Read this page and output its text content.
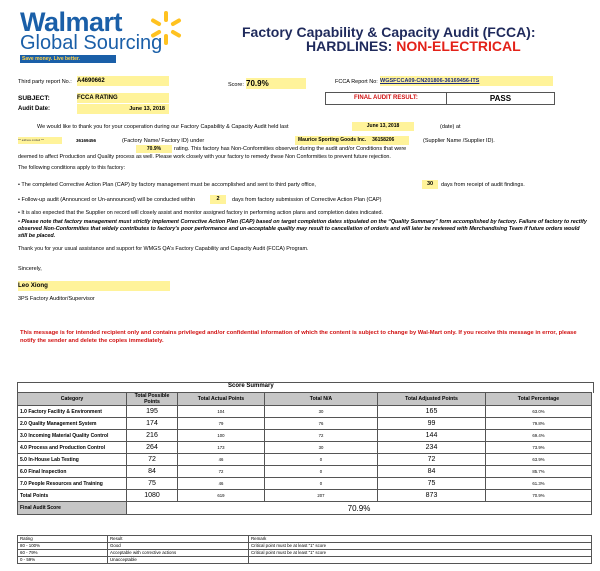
Walmart
Global Sourcing
Save money. Live better.
Factory Capability & Capacity Audit (FCCA):
HARDLINES: NON-ELECTRICAL
Third party report No.: A4690662
Score: 70.9%	FCCA Report No: WGSFCCA09-CN201806-36169456-ITS
SUBJECT:	FCCA RATING	FINAL AUDIT RESULT:	PASS
Audit Date:	June 13, 2018
We would like to thank you for your cooperation during our Factory Capability & Capacity Audit held last	June 13, 2018	(date) at
*** address omitted ***	36169456	(Factory Name/ Factory ID) under	Maurice Sporting Goods Inc. 36158206	(Supplier Name /Supplier ID).
70.9%	rating. This factory has Non-Conformities observed during the audit and/or Conditions that were
deemed to affect Production and Quality process as well. Please work closely with your factory to remedy these Non Conformities to prevent future rejection.
The following conditions apply to this factory:
• The completed Corrective Action Plan (CAP) by factory management must be accomplished and sent to third party office,	30	days from receipt of audit findings.
• Follow-up audit (Announced or Un-announced) will be conducted within	2	days from factory submission of Corrective Action Plan (CAP)
• It is also expected that the Supplier on record will closely assist and monitor assigned factory in performing action plans and completion dates indicated.
• Please note that factory management must strictly implement Corrective Action Plan (CAP) based on target completion dates stipulated on the “Quality Summary” form accomplished by factory. Failure of factory to rectify observed Non-Conformities that widely contributes to factory's poor performance and un-acceptable quality may result to cancellation of order/s and will later be reviewed with Merchandising Team if future orders would still be placed.
Thank you for your usual assistance and support for WMGS QA's Factory Capability and Capacity Audit (FCCA) Program.
Sincerely,
Leo Xiong
3PS Factory Auditor/Supervisor
This message is for intended recipient only and contains privileged and/or confidential information of which the content is subject to change by Wal-Mart only. If you receive this message in error, please notify the sender and delete the copies immediately.
Score Summary
Category	Total Possible Points	Total Actual Points	Total N/A	Total Adjusted Points	Total Percentage
1.0 Factory Facility & Environment	195	104	30	165	63.0%
2.0 Quality Management System	174	79	76	99	79.8%
3.0 Incoming Material Quality Control	216	100	72	144	69.4%
4.0 Process and Production Control	264	173	30	234	73.9%
5.0 In-House Lab Testing	72	46	0	72	63.9%
6.0 Final Inspection	84	72	0	84	85.7%
7.0 People Resources and Training	75	46	0	75	61.3%
Total Points	1080	619	207	873	70.9%
Final Audit Score	70.9%				
Rating	Result	Remark
80 - 100%	Good	Critical point must be at least "1" score
60 - 79%	Acceptable with corrective actions	Critical point must be at least "1" score
0 - 59%	Unacceptable	
